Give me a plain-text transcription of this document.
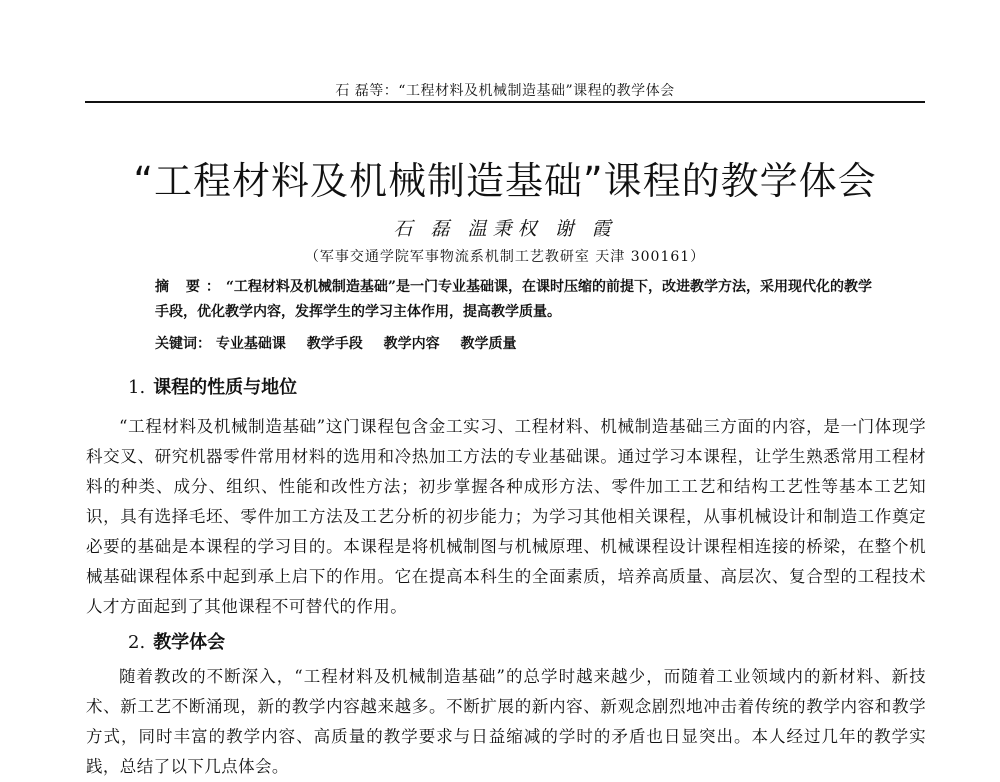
石 磊等：“工程材料及机械制造基础”课程的教学体会
“工程材料及机械制造基础”课程的教学体会
石 磊 温秉权 谢 霞
（军事交通学院军事物流系机制工艺教研室 天津 300161）
摘 要：“工程材料及机械制造基础”是一门专业基础课，在课时压缩的前提下，改进教学方法，采用现代化的教学手段，优化教学内容，发挥学生的学习主体作用，提高教学质量。
关键词： 专业基础课 教学手段 教学内容 教学质量
1. 课程的性质与地位

“工程材料及机械制造基础”这门课程包含金工实习、工程材料、机械制造基础三方面的内容，是一门体现学科交叉、研究机器零件常用材料的选用和冷热加工方法的专业基础课。通过学习本课程，让学生熟悉常用工程材料的种类、成分、组织、性能和改性方法；初步掌握各种成形方法、零件加工工艺和结构工艺性等基本工艺知识，具有选择毛坯、零件加工方法及工艺分析的初步能力；为学习其他相关课程，从事机械设计和制造工作奠定必要的基础是本课程的学习目的。本课程是将机械制图与机械原理、机械课程设计课程相连接的桥梁，在整个机械基础课程体系中起到承上启下的作用。它在提高本科生的全面素质，培养高质量、高层次、复合型的工程技术人才方面起到了其他课程不可替代的作用。

2. 教学体会

随着教改的不断深入，“工程材料及机械制造基础”的总学时越来越少，而随着工业领域内的新材料、新技术、新工艺不断涌现，新的教学内容越来越多。不断扩展的新内容、新观念剧烈地冲击着传统的教学内容和教学方式，同时丰富的教学内容、高质量的教学要求与日益缩减的学时的矛盾也日显突出。本人经过几年的教学实践，总结了以下几点体会。
